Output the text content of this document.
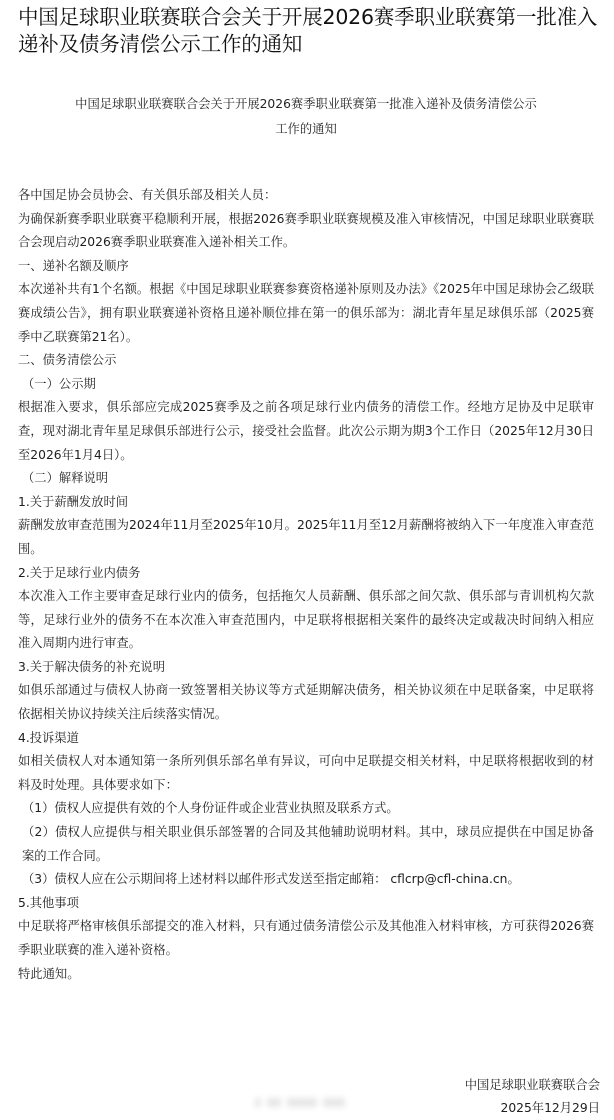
中国足球职业联赛联合会关于开展2026赛季职业联赛第一批准入递补及债务清偿公示工作的通知
中国足球职业联赛联合会关于开展2026赛季职业联赛第一批准入递补及债务清偿公示
工作的通知

各中国足协会员协会、有关俱乐部及相关人员：

为确保新赛季职业联赛平稳顺利开展，根据2026赛季职业联赛规模及准入审核情况，中国足球职业联赛联合会现启动2026赛季职业联赛准入递补相关工作。

一、递补名额及顺序

本次递补共有1个名额。根据《中国足球职业联赛参赛资格递补原则及办法》《2025年中国足球协会乙级联赛成绩公告》，拥有职业联赛递补资格且递补顺位排在第一的俱乐部为：湖北青年星足球俱乐部（2025赛季中乙联赛第21名）。

二、债务清偿公示

（一）公示期

根据准入要求，俱乐部应完成2025赛季及之前各项足球行业内债务的清偿工作。经地方足协及中足联审查，现对湖北青年星足球俱乐部进行公示，接受社会监督。此次公示期为期3个工作日（2025年12月30日至2026年1月4日）。

（二）解释说明

1.关于薪酬发放时间

薪酬发放审查范围为2024年11月至2025年10月。2025年11月至12月薪酬将被纳入下一年度准入审查范围。

2.关于足球行业内债务

本次准入工作主要审查足球行业内的债务，包括拖欠人员薪酬、俱乐部之间欠款、俱乐部与青训机构欠款等，足球行业外的债务不在本次准入审查范围内，中足联将根据相关案件的最终决定或裁决时间纳入相应准入周期内进行审查。

3.关于解决债务的补充说明

如俱乐部通过与债权人协商一致签署相关协议等方式延期解决债务，相关协议须在中足联备案，中足联将依据相关协议持续关注后续落实情况。

4.投诉渠道

如相关债权人对本通知第一条所列俱乐部名单有异议，可向中足联提交相关材料，中足联将根据收到的材料及时处理。具体要求如下：

（1）债权人应提供有效的个人身份证件或企业营业执照及联系方式。

（2）债权人应提供与相关职业俱乐部签署的合同及其他辅助说明材料。其中，球员应提供在中国足协备案的工作合同。

（3）债权人应在公示期间将上述材料以邮件形式发送至指定邮箱： cflcrp@cfl-china.cn。

5.其他事项

中足联将严格审核俱乐部提交的准入材料，只有通过债务清偿公示及其他准入材料审核，方可获得2026赛季职业联赛的准入递补资格。

特此通知。

中国足球职业联赛联合会
2025年12月29日
